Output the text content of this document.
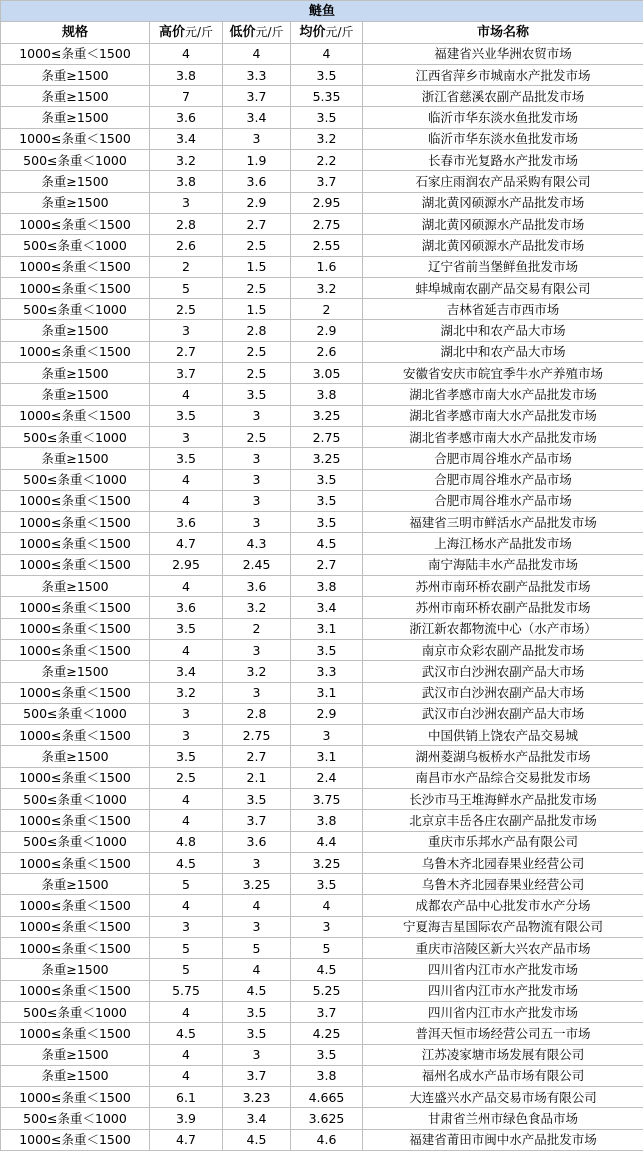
鲢鱼				
规格	高价元/斤	低价元/斤	均价元/斤	市场名称
1000≤条重＜1500	4	4	4	福建省兴业华洲农贸市场
条重≥1500	3.8	3.3	3.5	江西省萍乡市城南水产批发市场
条重≥1500	7	3.7	5.35	浙江省慈溪农副产品批发市场
条重≥1500	3.6	3.4	3.5	临沂市华东淡水鱼批发市场
1000≤条重＜1500	3.4	3	3.2	临沂市华东淡水鱼批发市场
500≤条重＜1000	3.2	1.9	2.2	长春市光复路水产批发市场
条重≥1500	3.8	3.6	3.7	石家庄雨润农产品采购有限公司
条重≥1500	3	2.9	2.95	湖北黄冈硕源水产品批发市场
1000≤条重＜1500	2.8	2.7	2.75	湖北黄冈硕源水产品批发市场
500≤条重＜1000	2.6	2.5	2.55	湖北黄冈硕源水产品批发市场
1000≤条重＜1500	2	1.5	1.6	辽宁省前当堡鲜鱼批发市场
1000≤条重＜1500	5	2.5	3.2	蚌埠城南农副产品交易有限公司
500≤条重＜1000	2.5	1.5	2	吉林省延吉市西市场
条重≥1500	3	2.8	2.9	湖北中和农产品大市场
1000≤条重＜1500	2.7	2.5	2.6	湖北中和农产品大市场
条重≥1500	3.7	2.5	3.05	安徽省安庆市皖宜季牛水产养殖市场
条重≥1500	4	3.5	3.8	湖北省孝感市南大水产品批发市场
1000≤条重＜1500	3.5	3	3.25	湖北省孝感市南大水产品批发市场
500≤条重＜1000	3	2.5	2.75	湖北省孝感市南大水产品批发市场
条重≥1500	3.5	3	3.25	合肥市周谷堆水产品市场
500≤条重＜1000	4	3	3.5	合肥市周谷堆水产品市场
1000≤条重＜1500	4	3	3.5	合肥市周谷堆水产品市场
1000≤条重＜1500	3.6	3	3.5	福建省三明市鲜活水产品批发市场
1000≤条重＜1500	4.7	4.3	4.5	上海江杨水产品批发市场
1000≤条重＜1500	2.95	2.45	2.7	南宁海陆丰水产品批发市场
条重≥1500	4	3.6	3.8	苏州市南环桥农副产品批发市场
1000≤条重＜1500	3.6	3.2	3.4	苏州市南环桥农副产品批发市场
1000≤条重＜1500	3.5	2	3.1	浙江新农都物流中心（水产市场）
1000≤条重＜1500	4	3	3.5	南京市众彩农副产品批发市场
条重≥1500	3.4	3.2	3.3	武汉市白沙洲农副产品大市场
1000≤条重＜1500	3.2	3	3.1	武汉市白沙洲农副产品大市场
500≤条重＜1000	3	2.8	2.9	武汉市白沙洲农副产品大市场
1000≤条重＜1500	3	2.75	3	中国供销上饶农产品交易城
条重≥1500	3.5	2.7	3.1	湖州菱湖乌板桥水产品批发市场
1000≤条重＜1500	2.5	2.1	2.4	南昌市水产品综合交易批发市场
500≤条重＜1000	4	3.5	3.75	长沙市马王堆海鲜水产品批发市场
1000≤条重＜1500	4	3.7	3.8	北京京丰岳各庄农副产品批发市场
500≤条重＜1000	4.8	3.6	4.4	重庆市乐邦水产品有限公司
1000≤条重＜1500	4.5	3	3.25	乌鲁木齐北园春果业经营公司
条重≥1500	5	3.25	3.5	乌鲁木齐北园春果业经营公司
1000≤条重＜1500	4	4	4	成都农产品中心批发市水产分场
1000≤条重＜1500	3	3	3	宁夏海吉星国际农产品物流有限公司
1000≤条重＜1500	5	5	5	重庆市涪陵区新大兴农产品市场
条重≥1500	5	4	4.5	四川省内江市水产批发市场
1000≤条重＜1500	5.75	4.5	5.25	四川省内江市水产批发市场
500≤条重＜1000	4	3.5	3.7	四川省内江市水产批发市场
1000≤条重＜1500	4.5	3.5	4.25	普洱天恒市场经营公司五一市场
条重≥1500	4	3	3.5	江苏凌家塘市场发展有限公司
条重≥1500	4	3.7	3.8	福州名成水产品市场有限公司
1000≤条重＜1500	6.1	3.23	4.665	大连盛兴水产品交易市场有限公司
500≤条重＜1000	3.9	3.4	3.625	甘肃省兰州市绿色食品市场
1000≤条重＜1500	4.7	4.5	4.6	福建省莆田市闽中水产品批发市场
